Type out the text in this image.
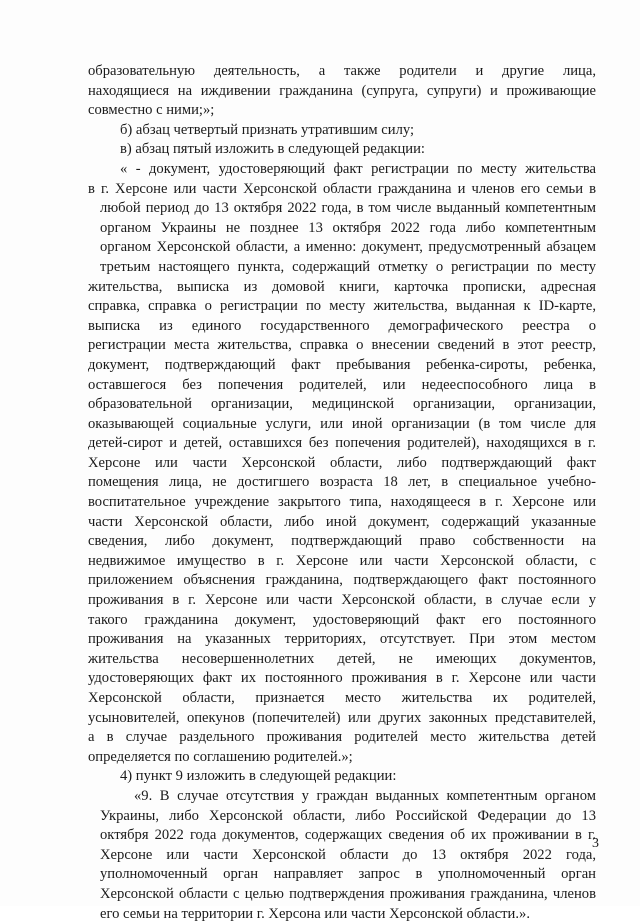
образовательную деятельность, а также родители и другие лица,

находящиеся на иждивении гражданина (супруга, супруги) и проживающие

совместно с ними;»;

б) абзац четвертый признать утратившим силу;

в) абзац пятый изложить в следующей редакции:

« - документ, удостоверяющий факт регистрации по месту жительства

в г. Херсоне или части Херсонской области гражданина и членов его семьи в

любой период до 13 октября 2022 года, в том числе выданный компетентным

органом Украины не позднее 13 октября 2022 года либо компетентным

органом Херсонской области, а именно: документ, предусмотренный абзацем

третьим настоящего пункта, содержащий отметку о регистрации по месту

жительства, выписка из домовой книги, карточка прописки, адресная

справка, справка о регистрации по месту жительства, выданная к ID-карте,

выписка из единого государственного демографического реестра о

регистрации места жительства, справка о внесении сведений в этот реестр,

документ, подтверждающий факт пребывания ребенка-сироты, ребенка,

оставшегося без попечения родителей, или недееспособного лица в

образовательной организации, медицинской организации, организации,

оказывающей социальные услуги, или иной организации (в том числе для

детей-сирот и детей, оставшихся без попечения родителей), находящихся в г.

Херсоне или части Херсонской области, либо подтверждающий факт

помещения лица, не достигшего возраста 18 лет, в специальное учебно-

воспитательное учреждение закрытого типа, находящееся в г. Херсоне или

части Херсонской области, либо иной документ, содержащий указанные

сведения, либо документ, подтверждающий право собственности на

недвижимое имущество в г. Херсоне или части Херсонской области, с

приложением объяснения гражданина, подтверждающего факт постоянного

проживания в г. Херсоне или части Херсонской области, в случае если у

такого гражданина документ, удостоверяющий факт его постоянного

проживания на указанных территориях, отсутствует. При этом местом

жительства несовершеннолетних детей, не имеющих документов,

удостоверяющих факт их постоянного проживания в г. Херсоне или части

Херсонской области, признается место жительства их родителей,

усыновителей, опекунов (попечителей) или других законных представителей,

а в случае раздельного проживания родителей место жительства детей

определяется по соглашению родителей.»;

4) пункт 9 изложить в следующей редакции:

«9. В случае отсутствия у граждан выданных компетентным органом

Украины, либо Херсонской области, либо Российской Федерации до 13

октября 2022 года документов, содержащих сведения об их проживании в г.

Херсоне или части Херсонской области до 13 октября 2022 года,

уполномоченный орган направляет запрос в уполномоченный орган

Херсонской области с целью подтверждения проживания гражданина, членов

его семьи на территории г. Херсона или части Херсонской области.».

3
